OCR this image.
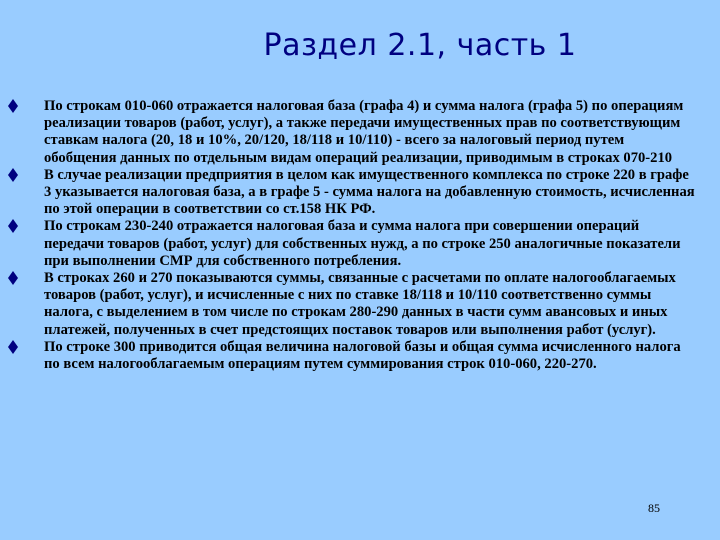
Раздел 2.1, часть 1
По строкам 010-060 отражается налоговая база (графа 4) и сумма налога (графа 5) по операциям реализации товаров (работ, услуг), а также передачи имущественных прав по соответствующим ставкам налога (20, 18 и 10%, 20/120, 18/118 и 10/110) - всего за налоговый период путем обобщения данных по отдельным видам операций реализации, приводимым в строках 070-210
В случае реализации предприятия в целом как имущественного комплекса по строке 220 в графе 3 указывается налоговая база, а в графе 5 - сумма налога на добавленную стоимость, исчисленная по этой операции в соответствии со ст.158 НК РФ.
По строкам 230-240 отражается налоговая база и сумма налога при совершении операций передачи товаров (работ, услуг) для собственных нужд, а по строке 250 аналогичные показатели при выполнении СМР для собственного потребления.
В строках 260 и 270 показываются суммы, связанные с расчетами по оплате налогооблагаемых товаров (работ, услуг), и исчисленные с них по ставке 18/118 и 10/110 соответственно суммы налога, с выделением в том числе по строкам 280-290 данных в части сумм авансовых и иных платежей, полученных в счет предстоящих поставок товаров или выполнения работ (услуг).
По строке 300 приводится общая величина налоговой базы и общая сумма исчисленного налога по всем налогооблагаемым операциям путем суммирования строк 010-060, 220-270.
85
